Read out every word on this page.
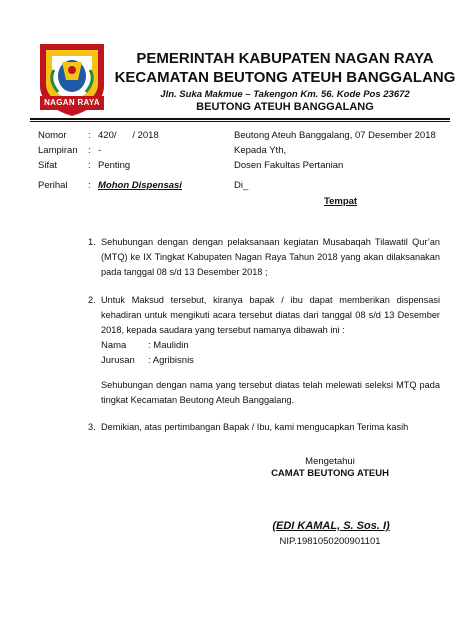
NAGAN RAYA
PEMERINTAH KABUPATEN NAGAN RAYA
KECAMATAN BEUTONG ATEUH BANGGALANG
Jln. Suka Makmue – Takengon Km. 56. Kode Pos 23672
BEUTONG ATEUH BANGGALANG
Nomor : 420/      / 2018
Lampiran : -
Sifat	: Penting
Perihal : Mohon Dispensasi
Beutong Ateuh Banggalang, 07 Desember 2018
Kepada Yth,
Dosen Fakultas Pertanian
Di_
Tempat
1. Sehubungan dengan dengan pelaksanaan kegiatan Musabaqah Tilawatil Qur’an (MTQ) ke IX Tingkat Kabupaten Nagan Raya Tahun 2018 yang akan dilaksanakan pada tanggal 08 s/d 13 Desember 2018 ;
2. Untuk Maksud tersebut, kiranya bapak / ibu dapat memberikan dispensasi kehadiran untuk mengikuti acara tersebut diatas dari tanggal 08 s/d 13 Desember 2018, kepada saudara yang tersebut namanya dibawah ini :
Nama : Maulidin
Jurusan : Agribisnis
Sehubungan dengan nama yang tersebut diatas telah melewati seleksi MTQ pada tingkat Kecamatan Beutong Ateuh Banggalang.
3. Demikian, atas pertimbangan Bapak / Ibu, kami mengucapkan Terima kasih
Mengetahui
CAMAT BEUTONG ATEUH
(EDI KAMAL, S. Sos. I)
NIP.1981050200901101
